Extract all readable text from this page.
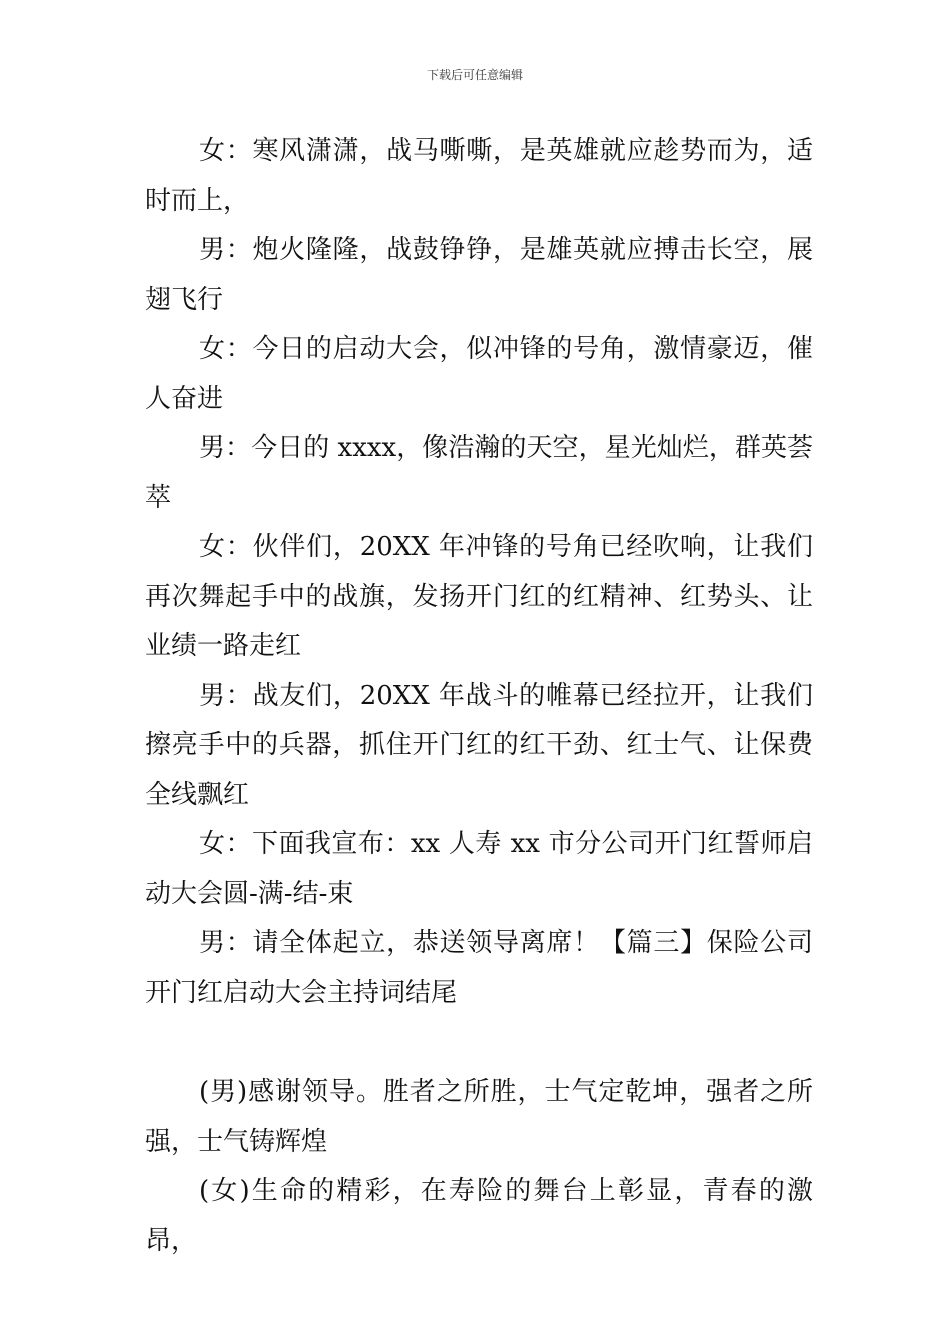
下载后可任意编辑

女：寒风潇潇，战马嘶嘶，是英雄就应趁势而为，适时而上，

男：炮火隆隆，战鼓铮铮，是雄英就应搏击长空，展翅飞行

女：今日的启动大会，似冲锋的号角，激情豪迈，催人奋进

男：今日的 xxxx，像浩瀚的天空，星光灿烂，群英荟萃

女：伙伴们，20XX 年冲锋的号角已经吹响，让我们再次舞起手中的战旗，发扬开门红的红精神、红势头、让业绩一路走红

男：战友们，20XX 年战斗的帷幕已经拉开，让我们擦亮手中的兵器，抓住开门红的红干劲、红士气、让保费全线飘红

女：下面我宣布：xx 人寿 xx 市分公司开门红誓师启动大会圆-满-结-束

男：请全体起立，恭送领导离席！【篇三】保险公司开门红启动大会主持词结尾

(男)感谢领导。胜者之所胜，士气定乾坤，强者之所强，士气铸辉煌

(女)生命的精彩，在寿险的舞台上彰显，青春的激昂，
